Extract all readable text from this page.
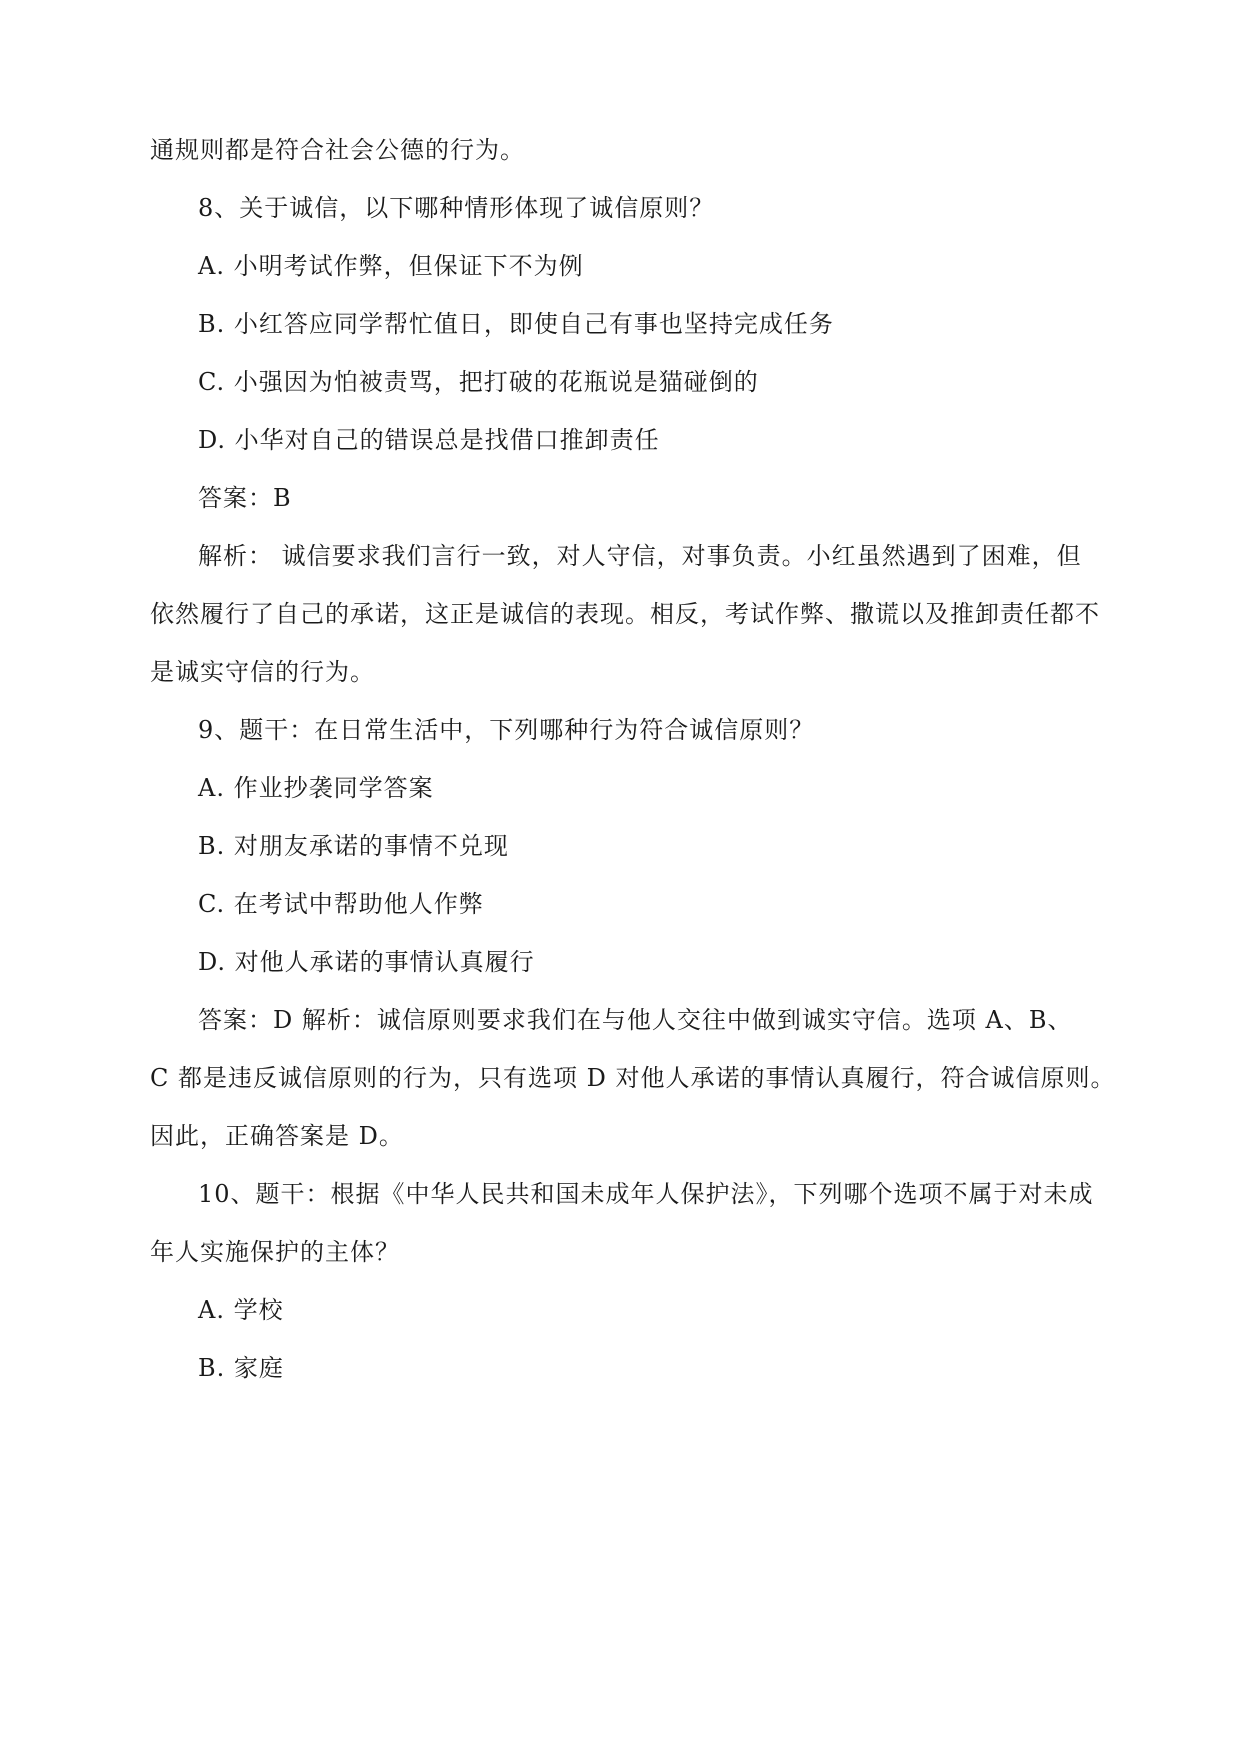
通规则都是符合社会公德的行为。
8、关于诚信，以下哪种情形体现了诚信原则？
A. 小明考试作弊，但保证下不为例
B. 小红答应同学帮忙值日，即使自己有事也坚持完成任务
C. 小强因为怕被责骂，把打破的花瓶说是猫碰倒的
D. 小华对自己的错误总是找借口推卸责任
答案：B
解析： 诚信要求我们言行一致，对人守信，对事负责。小红虽然遇到了困难，但
依然履行了自己的承诺，这正是诚信的表现。相反，考试作弊、撒谎以及推卸责任都不
是诚实守信的行为。
9、题干：在日常生活中，下列哪种行为符合诚信原则？
A. 作业抄袭同学答案
B. 对朋友承诺的事情不兑现
C. 在考试中帮助他人作弊
D. 对他人承诺的事情认真履行
答案：D 解析：诚信原则要求我们在与他人交往中做到诚实守信。选项 A、B、
C 都是违反诚信原则的行为，只有选项 D 对他人承诺的事情认真履行，符合诚信原则。
因此，正确答案是 D。
10、题干：根据《中华人民共和国未成年人保护法》，下列哪个选项不属于对未成
年人实施保护的主体？
A. 学校
B. 家庭
